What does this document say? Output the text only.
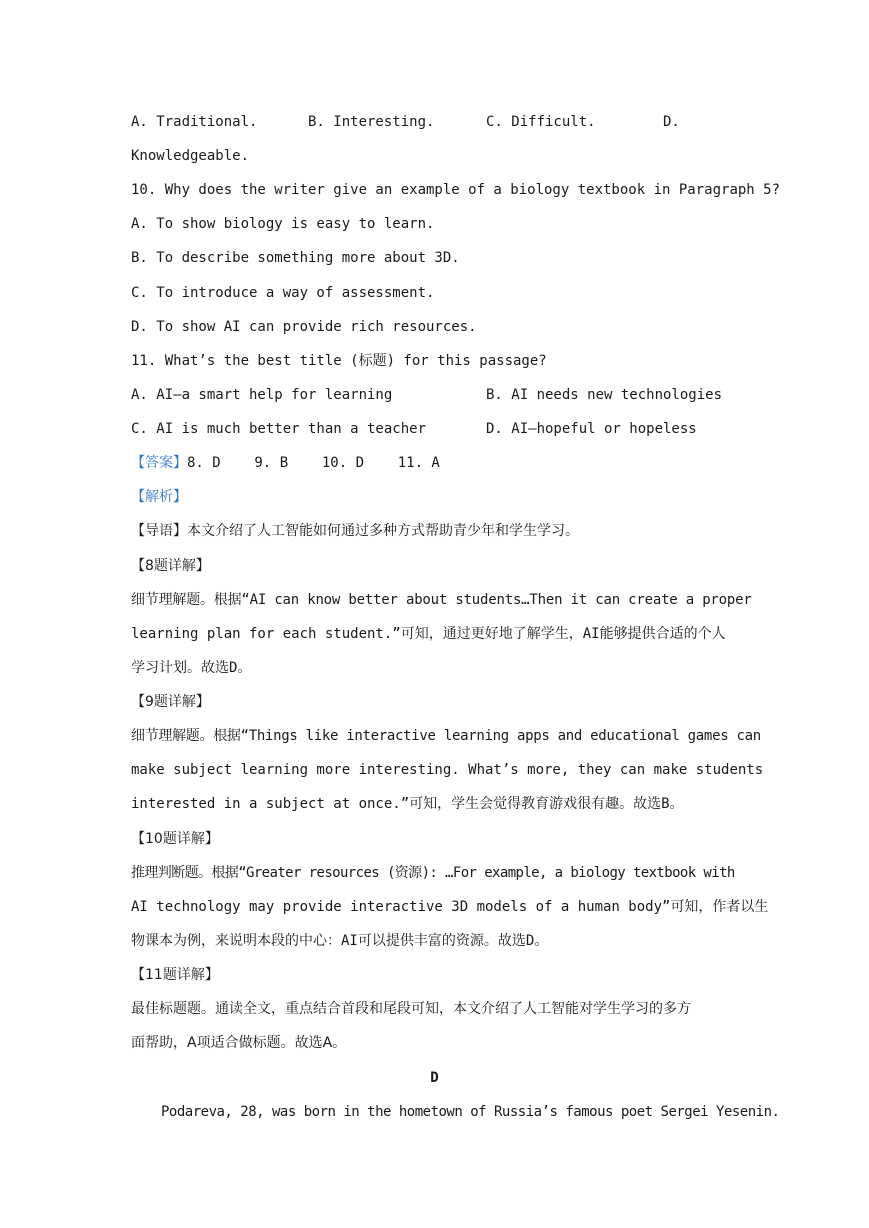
A. Traditional.	B. Interesting.	C. Difficult.	D.
Knowledgeable.
10. Why does the writer give an example of a biology textbook in Paragraph 5?
A. To show biology is easy to learn.
B. To describe something more about 3D.
C. To introduce a way of assessment.
D. To show AI can provide rich resources.
11. What’s the best title (标题) for this passage?
A. AI—a smart help for learning	B. AI needs new technologies
C. AI is much better than a teacher	D. AI—hopeful or hopeless
【答案】8. D    9. B    10. D    11. A
【解析】
【导语】本文介绍了人工智能如何通过多种方式帮助青少年和学生学习。
【8题详解】
细节理解题。根据“AI can know better about students…Then it can create a proper
learning plan for each student.”可知，通过更好地了解学生，AI能够提供合适的个人
学习计划。故选D。
【9题详解】
细节理解题。根据“Things like interactive learning apps and educational games can
make subject learning more interesting. What’s more, they can make students
interested in a subject at once.”可知，学生会觉得教育游戏很有趣。故选B。
【10题详解】
推理判断题。根据“Greater resources (资源): …For example, a biology textbook with
AI technology may provide interactive 3D models of a human body”可知，作者以生
物课本为例，来说明本段的中心：AI可以提供丰富的资源。故选D。
【11题详解】
最佳标题题。通读全文，重点结合首段和尾段可知，本文介绍了人工智能对学生学习的多方
面帮助，A项适合做标题。故选A。
D
Podareva, 28, was born in the hometown of Russia’s famous poet Sergei Yesenin.
